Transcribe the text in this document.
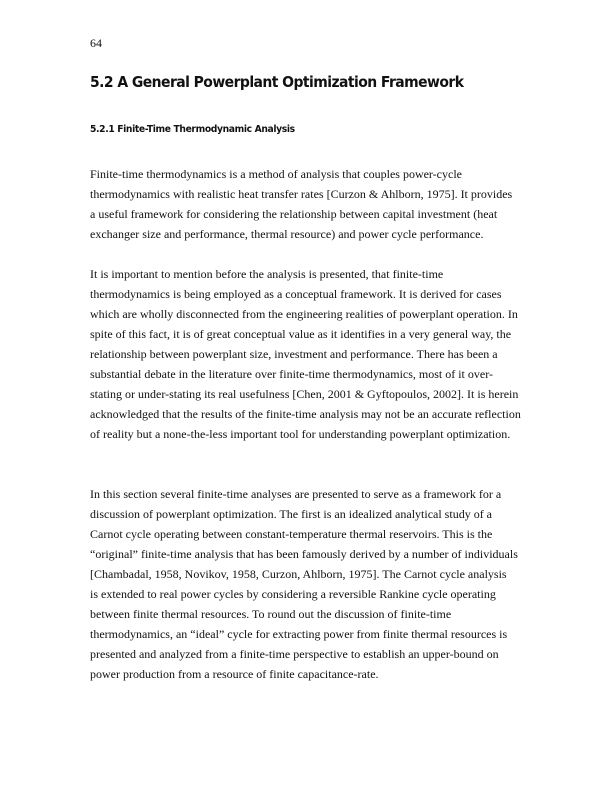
64
5.2 A General Powerplant Optimization Framework
5.2.1 Finite-Time Thermodynamic Analysis
Finite-time thermodynamics is a method of analysis that couples power-cycle
thermodynamics with realistic heat transfer rates [Curzon & Ahlborn, 1975]. It provides
a useful framework for considering the relationship between capital investment (heat
exchanger size and performance, thermal resource) and power cycle performance.
It is important to mention before the analysis is presented, that finite-time
thermodynamics is being employed as a conceptual framework. It is derived for cases
which are wholly disconnected from the engineering realities of powerplant operation. In
spite of this fact, it is of great conceptual value as it identifies in a very general way, the
relationship between powerplant size, investment and performance. There has been a
substantial debate in the literature over finite-time thermodynamics, most of it over-
stating or under-stating its real usefulness [Chen, 2001 & Gyftopoulos, 2002]. It is herein
acknowledged that the results of the finite-time analysis may not be an accurate reflection
of reality but a none-the-less important tool for understanding powerplant optimization.
In this section several finite-time analyses are presented to serve as a framework for a
discussion of powerplant optimization. The first is an idealized analytical study of a
Carnot cycle operating between constant-temperature thermal reservoirs. This is the
“original” finite-time analysis that has been famously derived by a number of individuals
[Chambadal, 1958, Novikov, 1958, Curzon, Ahlborn, 1975]. The Carnot cycle analysis
is extended to real power cycles by considering a reversible Rankine cycle operating
between finite thermal resources. To round out the discussion of finite-time
thermodynamics, an “ideal” cycle for extracting power from finite thermal resources is
presented and analyzed from a finite-time perspective to establish an upper-bound on
power production from a resource of finite capacitance-rate.
